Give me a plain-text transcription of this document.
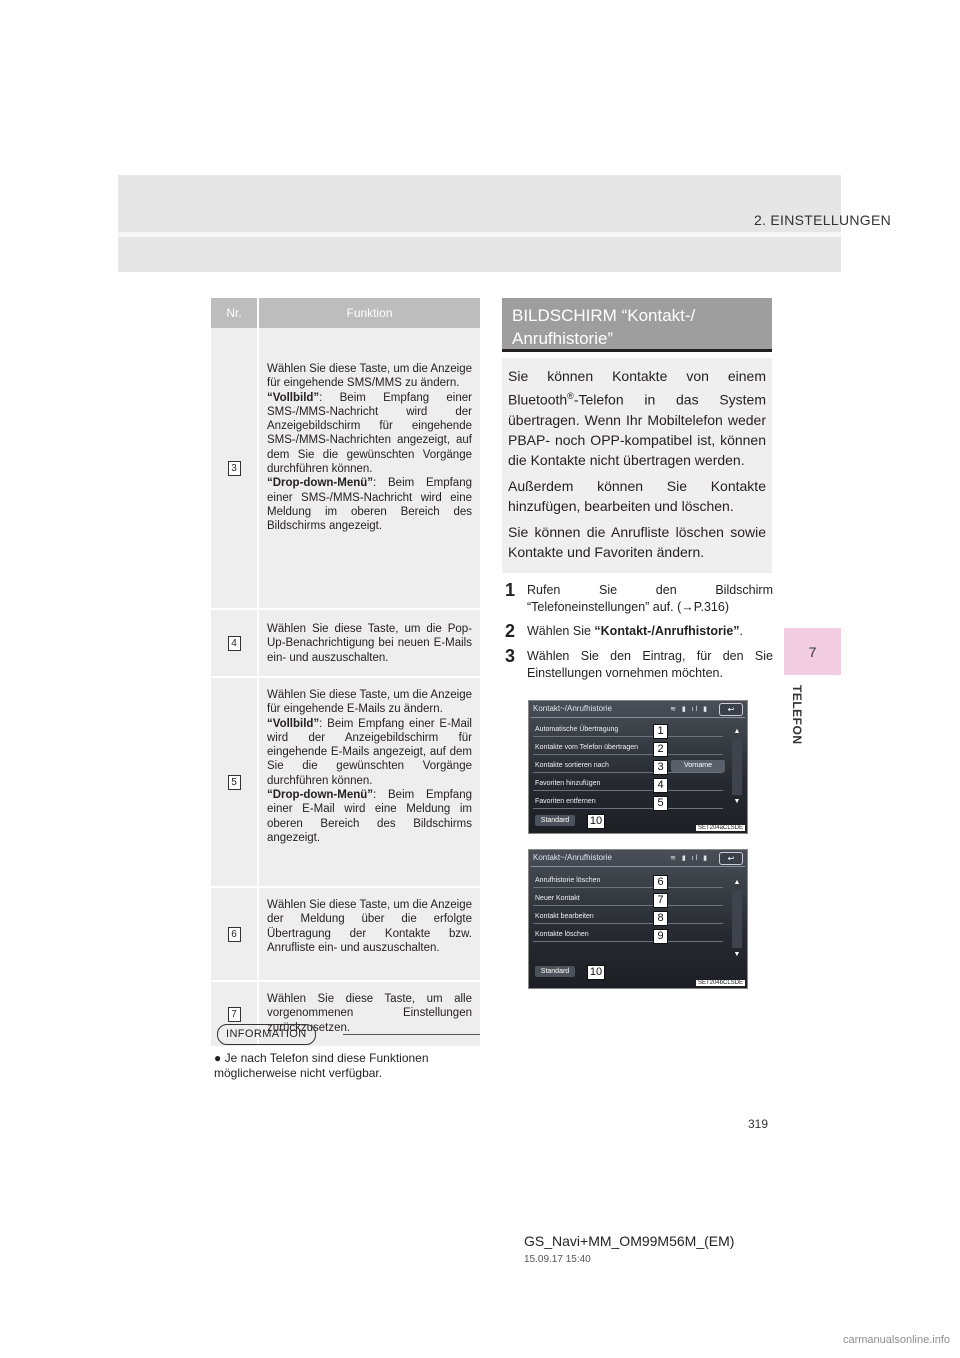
2. EINSTELLUNGEN
7
TELEFON
Nr.	Funktion
3

Wählen Sie diese Taste, um die Anzeige für eingehende SMS/MMS zu ändern.

“Vollbild”: Beim Empfang einer SMS-/MMS-Nachricht wird der Anzeigebildschirm für eingehende SMS-/MMS-Nachrichten angezeigt, auf dem Sie die gewünschten Vorgänge durchführen können.

“Drop-down-Menü”: Beim Empfang einer SMS-/MMS-Nachricht wird eine Meldung im oberen Bereich des Bildschirms angezeigt.

4

Wählen Sie diese Taste, um die Pop-Up-Benachrichtigung bei neuen E-Mails ein- und auszuschalten.

5

Wählen Sie diese Taste, um die Anzeige für eingehende E-Mails zu ändern.

“Vollbild”: Beim Empfang einer E-Mail wird der Anzeigebildschirm für eingehende E-Mails angezeigt, auf dem Sie die gewünschten Vorgänge durchführen können.

“Drop-down-Menü”: Beim Empfang einer E-Mail wird eine Meldung im oberen Bereich des Bildschirms angezeigt.

6

Wählen Sie diese Taste, um die Anzeige der Meldung über die erfolgte Übertragung der Kontakte bzw. Anrufliste ein- und auszuschalten.

7

Wählen Sie diese Taste, um alle vorgenommenen Einstellungen zurückzusetzen.

INFORMATION
● Je nach Telefon sind diese Funktionen möglicherweise nicht verfügbar.
BILDSCHIRM “Kontakt-/
Anrufhistorie”

Sie können Kontakte von einem Bluetooth®-Telefon in das System übertragen. Wenn Ihr Mobiltelefon weder PBAP- noch OPP-kompatibel ist, können die Kontakte nicht übertragen werden.

Außerdem können Sie Kontakte hinzufügen, bearbeiten und löschen.

Sie können die Anrufliste löschen sowie Kontakte und Favoriten ändern.

1 Rufen Sie den Bildschirm “Telefoneinstellungen” auf. (→P.316)
2 Wählen Sie “Kontakt-/Anrufhistorie”.
3 Wählen Sie den Eintrag, für den Sie Einstellungen vornehmen möchten.
Kontakt~/Anrufhistorie	≋ ▮ ıl ▮	↩
Automatische Übertragung	1
Kontakte vom Telefon übertragen	2
Kontakte sortieren nach	3	Vorname
Favoriten hinzufügen	4
Favoriten entfernen	5
▲
▼
Standard	10
SET204aCLSDE
Kontakt~/Anrufhistorie	≋ ▮ ıl ▮	↩
Anrufhistorie löschen	6
Neuer Kontakt	7
Kontakt bearbeiten	8
Kontakte löschen	9
▲
▼
Standard	10
SET204bCLSDE
319
GS_Navi+MM_OM99M56M_(EM)
15.09.17 15:40
carmanualsonline.info
